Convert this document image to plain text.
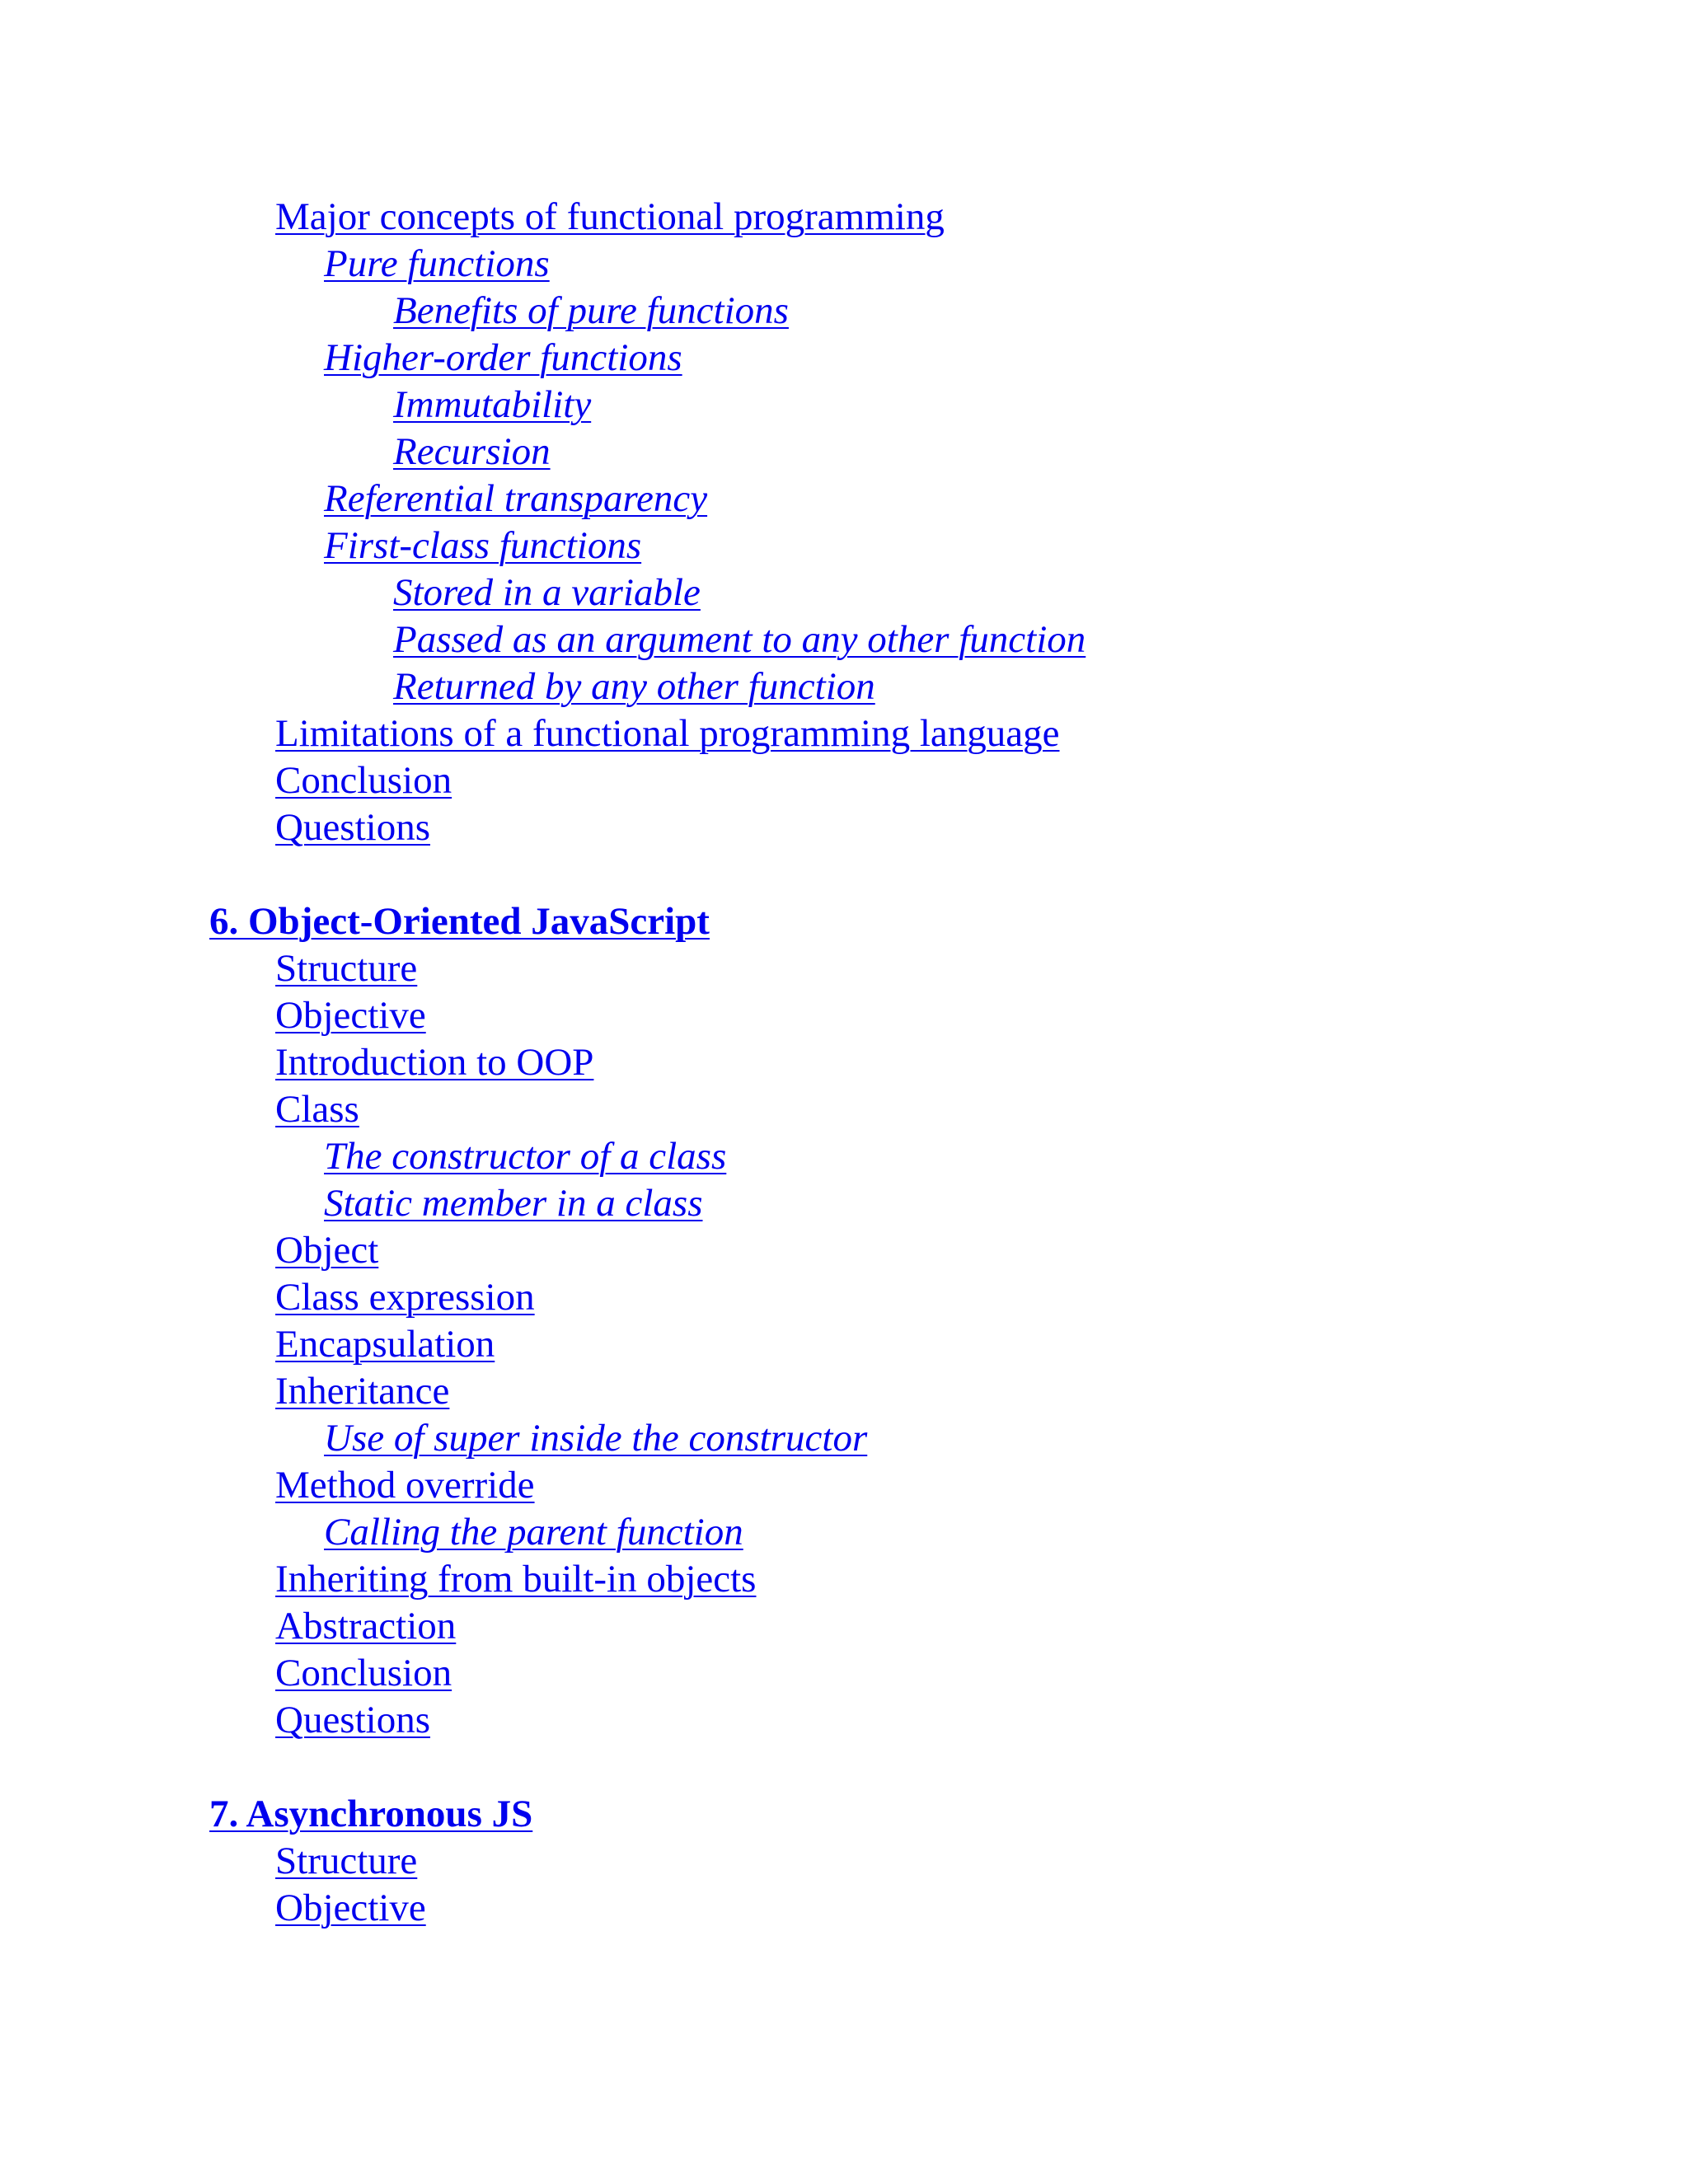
Major concepts of functional programming
Pure functions
Benefits of pure functions
Higher-order functions
Immutability
Recursion
Referential transparency
First-class functions
Stored in a variable
Passed as an argument to any other function
Returned by any other function
Limitations of a functional programming language
Conclusion
Questions
6. Object-Oriented JavaScript
Structure
Objective
Introduction to OOP
Class
The constructor of a class
Static member in a class
Object
Class expression
Encapsulation
Inheritance
Use of super inside the constructor
Method override
Calling the parent function
Inheriting from built-in objects
Abstraction
Conclusion
Questions
7. Asynchronous JS
Structure
Objective
